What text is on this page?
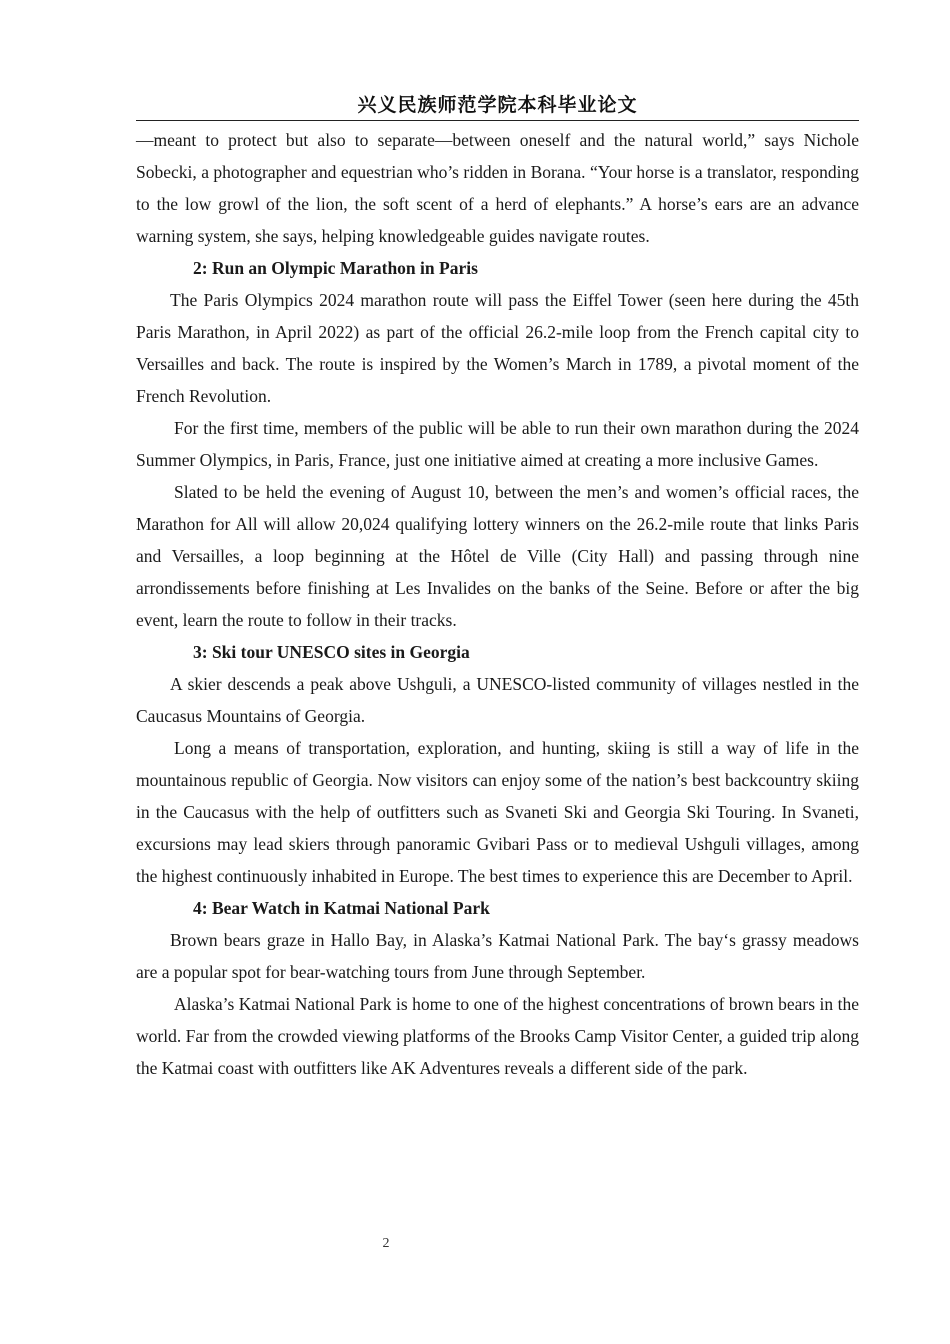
兴义民族师范学院本科毕业论文

—meant to protect but also to separate—between oneself and the natural world,” says Nichole Sobecki, a photographer and equestrian who’s ridden in Borana. “Your horse is a translator, responding to the low growl of the lion, the soft scent of a herd of elephants.” A horse’s ears are an advance warning system, she says, helping knowledgeable guides navigate routes.

2: Run an Olympic Marathon in Paris

The Paris Olympics 2024 marathon route will pass the Eiffel Tower (seen here during the 45th Paris Marathon, in April 2022) as part of the official 26.2-mile loop from the French capital city to Versailles and back. The route is inspired by the Women’s March in 1789, a pivotal moment of the French Revolution.

For the first time, members of the public will be able to run their own marathon during the 2024 Summer Olympics, in Paris, France, just one initiative aimed at creating a more inclusive Games.

Slated to be held the evening of August 10, between the men’s and women’s official races, the Marathon for All will allow 20,024 qualifying lottery winners on the 26.2-mile route that links Paris and Versailles, a loop beginning at the Hôtel de Ville (City Hall) and passing through nine arrondissements before finishing at Les Invalides on the banks of the Seine. Before or after the big event, learn the route to follow in their tracks.

3: Ski tour UNESCO sites in Georgia

A skier descends a peak above Ushguli, a UNESCO-listed community of villages nestled in the Caucasus Mountains of Georgia.

Long a means of transportation, exploration, and hunting, skiing is still a way of life in the mountainous republic of Georgia. Now visitors can enjoy some of the nation’s best backcountry skiing in the Caucasus with the help of outfitters such as Svaneti Ski and Georgia Ski Touring. In Svaneti, excursions may lead skiers through panoramic Gvibari Pass or to medieval Ushguli villages, among the highest continuously inhabited in Europe. The best times to experience this are December to April.

4: Bear Watch in Katmai National Park

Brown bears graze in Hallo Bay, in Alaska’s Katmai National Park. The bay‘s grassy meadows are a popular spot for bear-watching tours from June through September.

Alaska’s Katmai National Park is home to one of the highest concentrations of brown bears in the world. Far from the crowded viewing platforms of the Brooks Camp Visitor Center, a guided trip along the Katmai coast with outfitters like AK Adventures reveals a different side of the park.

2
